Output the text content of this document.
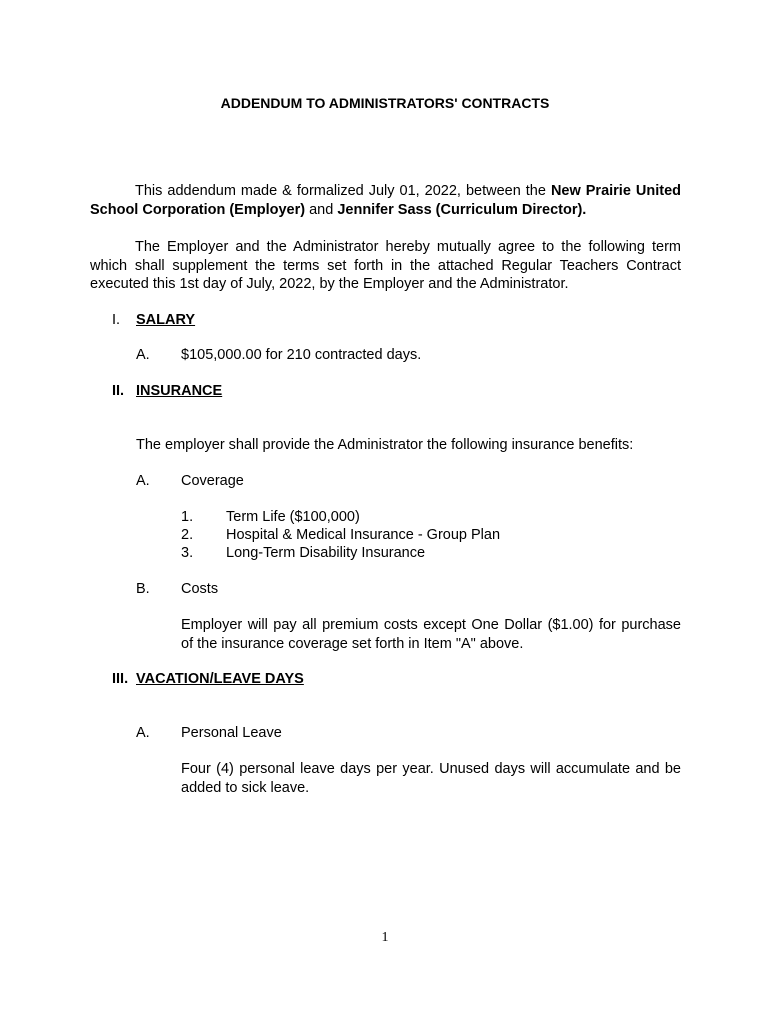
ADDENDUM TO ADMINISTRATORS' CONTRACTS

This addendum made & formalized July 01, 2022, between the New Prairie United School Corporation (Employer) and Jennifer Sass (Curriculum Director).

The Employer and the Administrator hereby mutually agree to the following term which shall supplement the terms set forth in the attached Regular Teachers Contract executed this 1st day of July, 2022, by the Employer and the Administrator.

I. SALARY
A. $105,000.00 for 210 contracted days.
II. INSURANCE
The employer shall provide the Administrator the following insurance benefits:
A. Coverage
1. Term Life ($100,000)
2. Hospital & Medical Insurance - Group Plan
3. Long-Term Disability Insurance
B. Costs
Employer will pay all premium costs except One Dollar ($1.00) for purchase of the insurance coverage set forth in Item "A" above.
III. VACATION/LEAVE DAYS
A. Personal Leave
Four (4) personal leave days per year. Unused days will accumulate and be added to sick leave.
1
